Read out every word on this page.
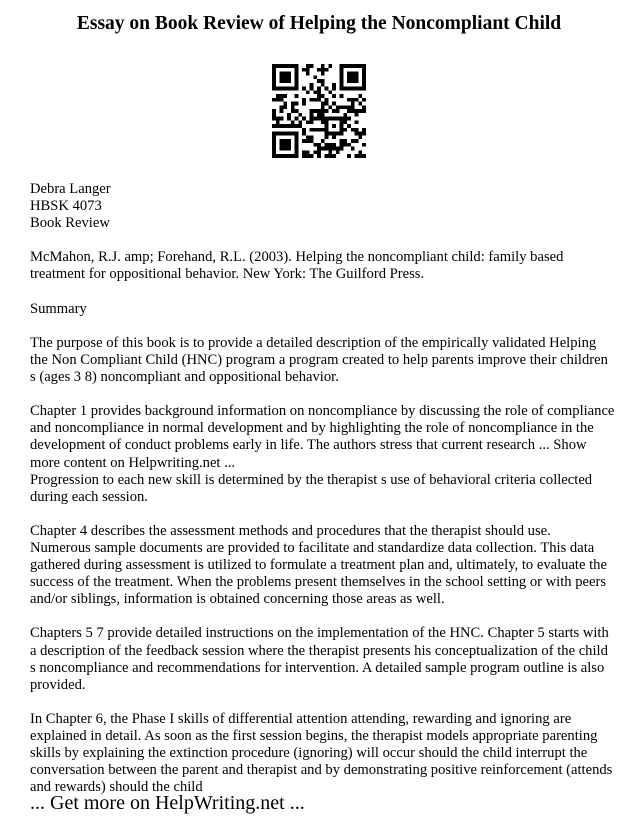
Essay on Book Review of Helping the Noncompliant Child

Debra Langer

HBSK 4073

Book Review

McMahon, R.J. amp; Forehand, R.L. (2003). Helping the noncompliant child: family based treatment for oppositional behavior. New York: The Guilford Press.

Summary

The purpose of this book is to provide a detailed description of the empirically validated Helping the Non Compliant Child (HNC) program a program created to help parents improve their children s (ages 3 8) noncompliant and oppositional behavior.

Chapter 1 provides background information on noncompliance by discussing the role of compliance and noncompliance in normal development and by highlighting the role of noncompliance in the development of conduct problems early in life. The authors stress that current research ... Show more content on Helpwriting.net ...

Progression to each new skill is determined by the therapist s use of behavioral criteria collected during each session.

Chapter 4 describes the assessment methods and procedures that the therapist should use. Numerous sample documents are provided to facilitate and standardize data collection. This data gathered during assessment is utilized to formulate a treatment plan and, ultimately, to evaluate the success of the treatment. When the problems present themselves in the school setting or with peers and/or siblings, information is obtained concerning those areas as well.

Chapters 5 7 provide detailed instructions on the implementation of the HNC. Chapter 5 starts with a description of the feedback session where the therapist presents his conceptualization of the child s noncompliance and recommendations for intervention. A detailed sample program outline is also provided.

In Chapter 6, the Phase I skills of differential attention attending, rewarding and ignoring are explained in detail. As soon as the first session begins, the therapist models appropriate parenting skills by explaining the extinction procedure (ignoring) will occur should the child interrupt the conversation between the parent and therapist and by demonstrating positive reinforcement (attends and rewards) should the child

... Get more on HelpWriting.net ...
